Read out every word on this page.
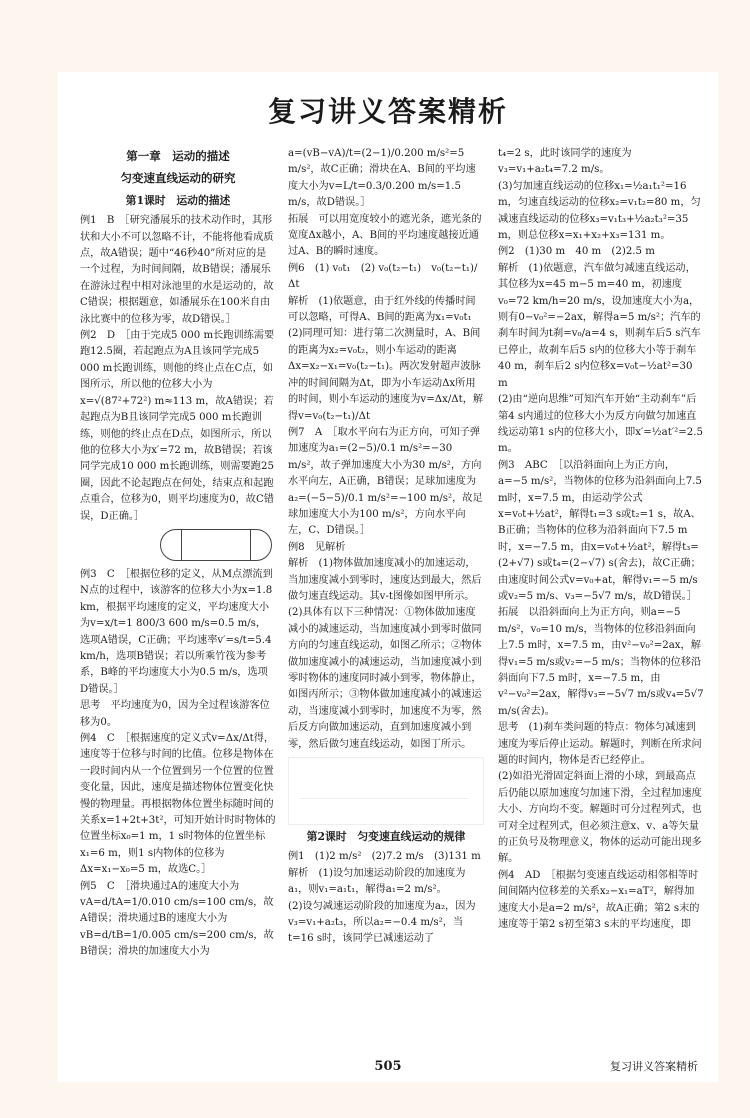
复习讲义答案精析
第一章　运动的描述
匀变速直线运动的研究
第1课时　运动的描述

例1　B　［研究潘展乐的技术动作时，其形状和大小不可以忽略不计，不能将他看成质点，故A错误；题中“46秒40”所对应的是一个过程，为时间间隔，故B错误；潘展乐在游泳过程中相对泳池里的水是运动的，故C错误；根据题意，如潘展乐在100米自由泳比赛中的位移为零，故D错误。］

例2　D　［由于完成5 000 m长跑训练需要跑12.5圈，若起跑点为A且该同学完成5 000 m长跑训练，则他的终止点在C点，如图所示，所以他的位移大小为x=√(87²+72²) m≈113 m，故A错误；若起跑点为B且该同学完成5 000 m长跑训练，则他的终止点在D点，如图所示，所以他的位移大小为x′=72 m，故B错误；若该同学完成10 000 m长跑训练，则需要跑25圈，因此不论起跑点在何处，结束点和起跑点重合，位移为0，则平均速度为0，故C错误，D正确。］

例3　C　［根据位移的定义，从M点漂流到N点的过程中，该游客的位移大小为x=1.8 km，根据平均速度的定义，平均速度大小为v=x/t=1 800/3 600 m/s=0.5 m/s，选项A错误，C正确；平均速率v′=s/t=5.4 km/h，选项B错误；若以所乘竹筏为参考系，B峰的平均速度大小为0.5 m/s，选项D错误。］

思考　平均速度为0，因为全过程该游客位移为0。

例4　C　［根据速度的定义式v=Δx/Δt得，速度等于位移与时间的比值。位移是物体在一段时间内从一个位置到另一个位置的位置变化量，因此，速度是描述物体位置变化快慢的物理量。再根据物体位置坐标随时间的关系x=1+2t+3t²，可知开始计时时物体的位置坐标x₀=1 m，1 s时物体的位置坐标x₁=6 m，则1 s内物体的位移为Δx=x₁−x₀=5 m，故选C。］

例5　C　［滑块通过A的速度大小为vA=d/tA=1/0.010 cm/s=100 cm/s，故A错误；滑块通过B的速度大小为vB=d/tB=1/0.005 cm/s=200 cm/s，故B错误；滑块的加速度大小为

a=(vB−vA)/t=(2−1)/0.200 m/s²=5 m/s²，故C正确；滑块在A、B间的平均速度大小为v=L/t=0.3/0.200 m/s=1.5 m/s，故D错误。］

拓展　可以用宽度较小的遮光条，遮光条的宽度Δx越小，A、B间的平均速度越接近通过A、B的瞬时速度。

例6　(1) v₀t₁　(2) v₀(t₂−t₁)　v₀(t₂−t₁)/Δt

解析　(1)依题意，由于红外线的传播时间可以忽略，可得A、B间的距离为x₁=v₀t₁

(2)同理可知：进行第二次测量时，A、B间的距离为x₂=v₀t₂，则小车运动的距离Δx=x₂−x₁=v₀(t₂−t₁)。两次发射超声波脉冲的时间间隔为Δt，即为小车运动Δx所用的时间，则小车运动的速度为v=Δx/Δt，解得v=v₀(t₂−t₁)/Δt

例7　A　［取水平向右为正方向，可知子弹加速度为a₁=(2−5)/0.1 m/s²=−30 m/s²，故子弹加速度大小为30 m/s²，方向水平向左，A正确，B错误；足球加速度为a₂=(−5−5)/0.1 m/s²=−100 m/s²，故足球加速度大小为100 m/s²，方向水平向左，C、D错误。］

例8　见解析

解析　(1)物体做加速度减小的加速运动，当加速度减小到零时，速度达到最大，然后做匀速直线运动。其v-t图像如图甲所示。

(2)具体有以下三种情况：①物体做加速度减小的减速运动，当加速度减小到零时做同方向的匀速直线运动，如图乙所示；②物体做加速度减小的减速运动，当加速度减小到零时物体的速度同时减小到零，物体静止，如图丙所示；③物体做加速度减小的减速运动，当速度减小到零时，加速度不为零，然后反方向做加速运动，直到加速度减小到零，然后做匀速直线运动，如图丁所示。

第2课时　匀变速直线运动的规律

例1　(1)2 m/s²　(2)7.2 m/s　(3)131 m

解析　(1)设匀加速运动阶段的加速度为a₁，则v₁=a₁t₁，解得a₁=2 m/s²。

(2)设匀减速运动阶段的加速度为a₂，因为v₃=v₁+a₂t₃，所以a₂=−0.4 m/s²，当t=16 s时，该同学已减速运动了

t₄=2 s，此时该同学的速度为v₃=v₁+a₂t₄=7.2 m/s。

(3)匀加速直线运动的位移x₁=½a₁t₁²=16 m，匀速直线运动的位移x₂=v₁t₂=80 m，匀减速直线运动的位移x₃=v₁t₃+½a₂t₃²=35 m，则总位移x=x₁+x₂+x₃=131 m。

例2　(1)30 m　40 m　(2)2.5 m

解析　(1)依题意，汽车做匀减速直线运动，其位移为x=45 m−5 m=40 m，初速度v₀=72 km/h=20 m/s，设加速度大小为a，则有0−v₀²=−2ax，解得a=5 m/s²；汽车的刹车时间为t刹=v₀/a=4 s，则刹车后5 s汽车已停止，故刹车后5 s内的位移大小等于刹车40 m，刹车后2 s内位移x=v₀t−½at²=30 m

(2)由“逆向思维”可知汽车开始“主动刹车”后第4 s内通过的位移大小为反方向做匀加速直线运动第1 s内的位移大小，即x′=½at′²=2.5 m。

例3　ABC　［以沿斜面向上为正方向，a=−5 m/s²，当物体的位移为沿斜面向上7.5 m时，x=7.5 m，由运动学公式x=v₀t+½at²，解得t₁=3 s或t₂=1 s，故A、B正确；当物体的位移为沿斜面向下7.5 m时，x=−7.5 m，由x=v₀t+½at²，解得t₃=(2+√7) s或t₄=(2−√7) s(舍去)，故C正确；由速度时间公式v=v₀+at，解得v₁=−5 m/s或v₂=5 m/s、v₃=−5√7 m/s，故D错误。］

拓展　以沿斜面向上为正方向，则a=−5 m/s²，v₀=10 m/s，当物体的位移沿斜面向上7.5 m时，x=7.5 m，由v²−v₀²=2ax，解得v₁=5 m/s或v₂=−5 m/s；当物体的位移沿斜面向下7.5 m时，x=−7.5 m，由v²−v₀²=2ax，解得v₃=−5√7 m/s或v₄=5√7 m/s(舍去)。

思考　(1)刹车类问题的特点：物体匀减速到速度为零后停止运动。解题时，判断在所求问题的时间内，物体是否已经停止。

(2)如沿光滑固定斜面上滑的小球，到最高点后仍能以原加速度匀加速下滑，全过程加速度大小、方向均不变。解题时可分过程列式，也可对全过程列式，但必须注意x、v、a等矢量的正负号及物理意义，物体的运动可能出现多解。

例4　AD　［根据匀变速直线运动相邻相等时间间隔内位移差的关系x₂−x₁=aT²，解得加速度大小是a=2 m/s²，故A正确；第2 s末的速度等于第2 s初至第3 s末的平均速度，即

505	复习讲义答案精析
